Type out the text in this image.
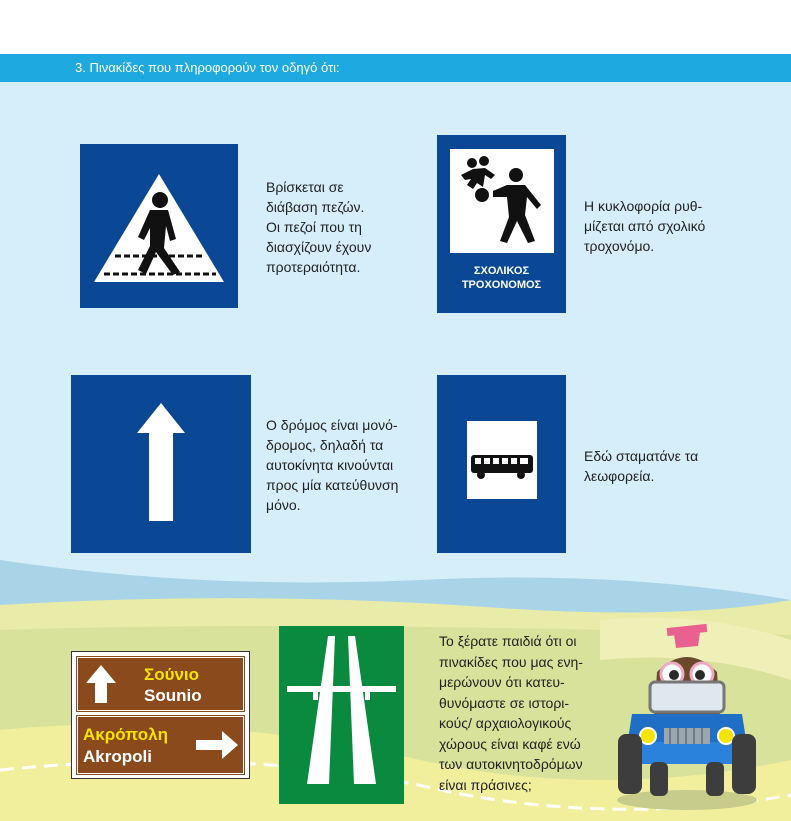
3. Πινακίδες που πληροφορούν τον οδηγό ότι:
Βρίσκεται σε
διάβαση πεζών.
Οι πεζοί που τη
διασχίζουν έχουν
προτεραιότητα.	ΣΧΟΛΙΚΟΣ
ΤΡΟΧΟΝΟΜΟΣ
Η κυκλοφορία ρυθ-
μίζεται από σχολικό
τροχονόμο.
Ο δρόμος είναι μονό-
δρομος, δηλαδή τα
αυτοκίνητα κινούνται
προς μία κατεύθυνση
μόνο.
Εδώ σταματάνε τα
λεωφορεία.
Σούνιο
Sounio
Ακρόπολη
Akropoli
Το ξέρατε παιδιά ότι οι
πινακίδες που μας ενη-
μερώνουν ότι κατευ-
θυνόμαστε σε ιστορι-
κούς/ αρχαιολογικούς
χώρους είναι καφέ ενώ
των αυτοκινητοδρόμων
είναι πράσινες;
